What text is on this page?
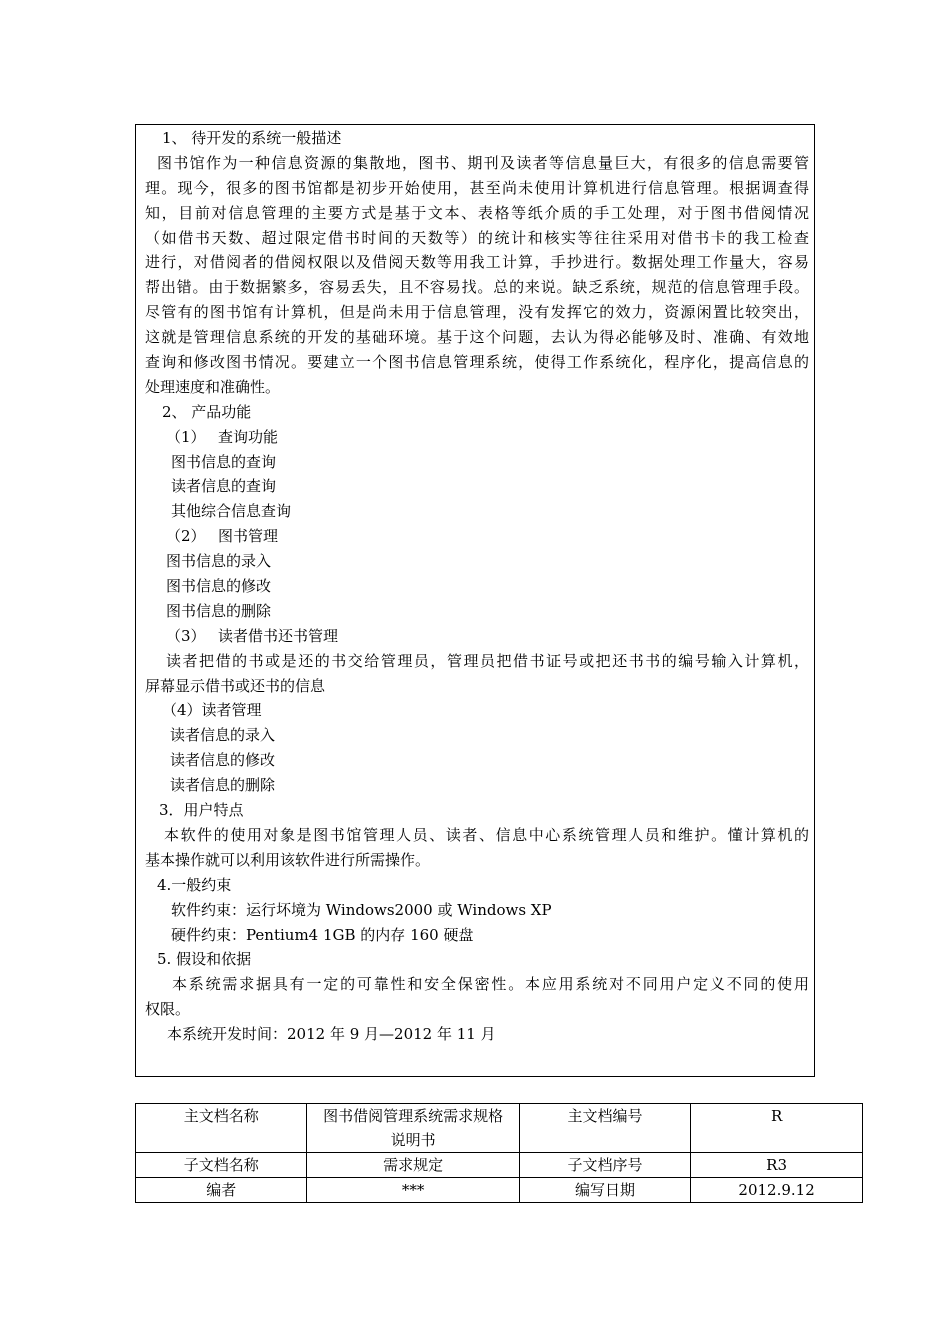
1、 待开发的系统一般描述
图书馆作为一种信息资源的集散地，图书、期刊及读者等信息量巨大，有很多的信息需要管
理。现今，很多的图书馆都是初步开始使用，甚至尚未使用计算机进行信息管理。根据调查得
知，目前对信息管理的主要方式是基于文本、表格等纸介质的手工处理，对于图书借阅情况
（如借书天数、超过限定借书时间的天数等）的统计和核实等往往采用对借书卡的我工检查
进行，对借阅者的借阅权限以及借阅天数等用我工计算，手抄进行。数据处理工作量大，容易
帮出错。由于数据繁多，容易丢失，且不容易找。总的来说。缺乏系统，规范的信息管理手段。
尽管有的图书馆有计算机，但是尚未用于信息管理，没有发挥它的效力，资源闲置比较突出，
这就是管理信息系统的开发的基础环境。基于这个问题，去认为得必能够及时、准确、有效地
查询和修改图书情况。要建立一个图书信息管理系统，使得工作系统化，程序化，提高信息的
处理速度和准确性。
2、 产品功能
（1） 查询功能
图书信息的查询
读者信息的查询
其他综合信息查询
（2） 图书管理
图书信息的录入
图书信息的修改
图书信息的删除
（3） 读者借书还书管理
读者把借的书或是还的书交给管理员，管理员把借书证号或把还书书的编号输入计算机，
屏幕显示借书或还书的信息
（4）读者管理
读者信息的录入
读者信息的修改
读者信息的删除
3．用户特点
本软件的使用对象是图书馆管理人员、读者、信息中心系统管理人员和维护。懂计算机的
基本操作就可以利用该软件进行所需操作。
4.一般约束
软件约束：运行坏境为 Windows2000 或 Windows XP
硬件约束：Pentium4 1GB 的内存 160 硬盘
5. 假设和依据
本系统需求据具有一定的可靠性和安全保密性。本应用系统对不同用户定义不同的使用
权限。
本系统开发时间：2012 年 9 月—2012 年 11 月
主文档名称	图书借阅管理系统需求规格
说明书	主文档编号	R
子文档名称	需求规定	子文档序号	R3
编者	***	编写日期	2012.9.12
